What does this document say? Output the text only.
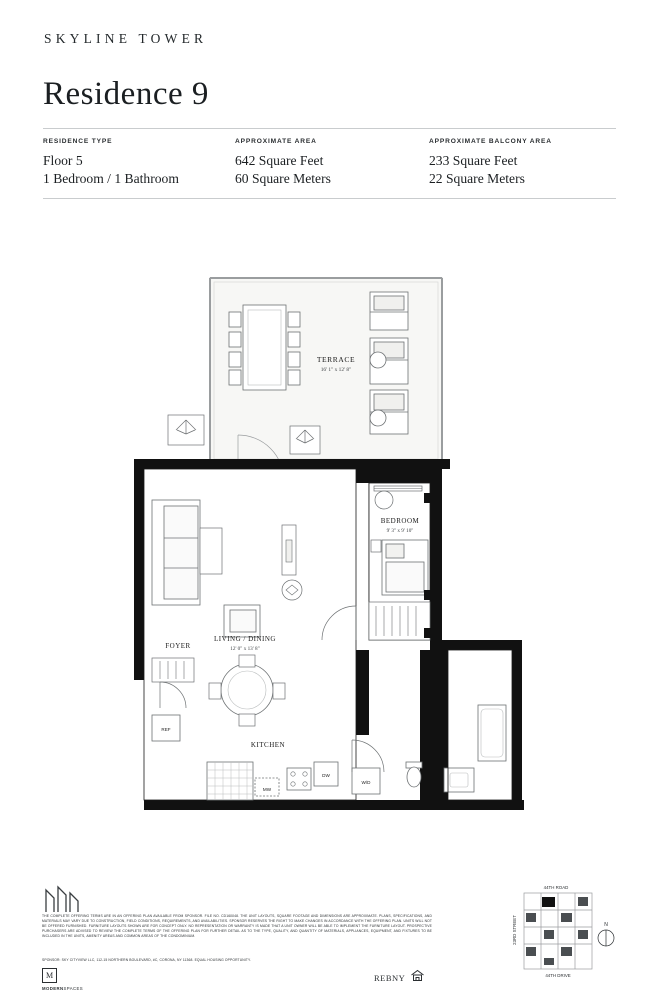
SKYLINE TOWER
Residence 9
RESIDENCE TYPE
Floor 5
1 Bedroom / 1 Bathroom
APPROXIMATE AREA
642 Square Feet
60 Square Meters
APPROXIMATE BALCONY AREA
233 Square Feet
22 Square Meters
TERRACE
16' 1" x 12' 8"
BEDROOM
9' 3" x 9' 10"
LIVING / DINING
12' 0" x 13' 8"
FOYER
KITCHEN
REF
MW
DW
W/D
THE COMPLETE OFFERING TERMS ARE IN AN OFFERING PLAN AVAILABLE FROM SPONSOR. FILE NO. CD160048. THE UNIT LAYOUTS, SQUARE FOOTAGE AND DIMENSIONS ARE APPROXIMATE. PLANS, SPECIFICATIONS, AND MATERIALS MAY VARY DUE TO CONSTRUCTION, FIELD CONDITIONS, REQUIREMENTS, AND AVAILABILITIES. SPONSOR RESERVES THE RIGHT TO MAKE CHANGES IN ACCORDANCE WITH THE OFFERING PLAN. UNITS WILL NOT BE OFFERED FURNISHED. FURNITURE LAYOUTS SHOWN ARE FOR CONCEPT ONLY. NO REPRESENTATION OR WARRANTY IS MADE THAT A UNIT OWNER WILL BE ABLE TO IMPLEMENT THE FURNITURE LAYOUT. PROSPECTIVE PURCHASERS ARE ADVISED TO REVIEW THE COMPLETE TERMS OF THE OFFERING PLAN FOR FURTHER DETAIL AS TO THE TYPE, QUALITY, AND QUANTITY OF MATERIALS, APPLIANCES, EQUIPMENT, AND FIXTURES TO BE INCLUDED IN THE UNITS, AMENITY AREAS AND COMMON AREAS OF THE CONDOMINIUM.
SPONSOR: SKY CITYVIEW LLC, 112-15 NORTHERN BOULEVARD, #C, CORONA, NY 11368. EQUAL HOUSING OPPORTUNITY.
M
MODERNSPACES
REBNY
44TH ROAD
44TH DRIVE
23RD STREET	N
